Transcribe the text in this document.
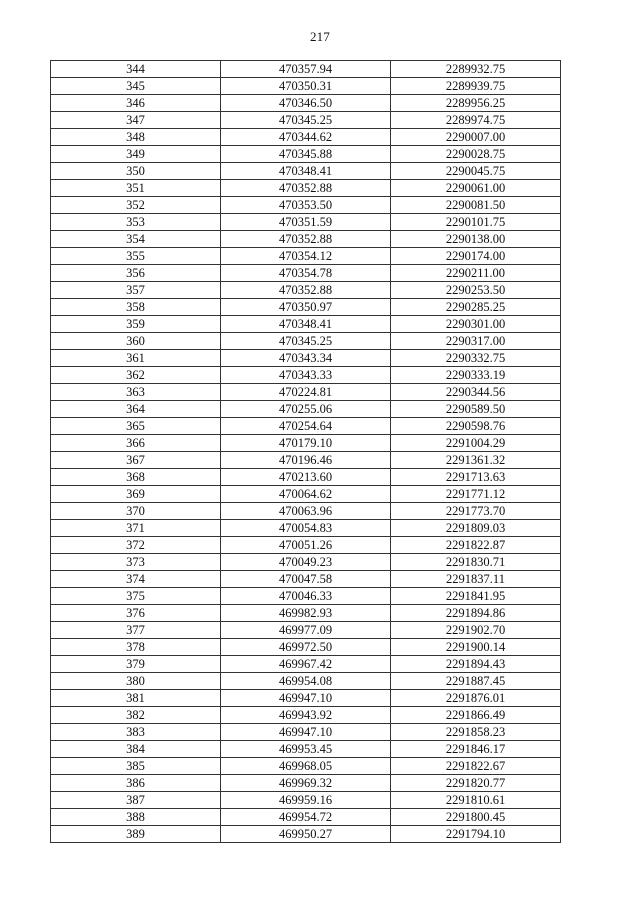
217
344	470357.94	2289932.75
345	470350.31	2289939.75
346	470346.50	2289956.25
347	470345.25	2289974.75
348	470344.62	2290007.00
349	470345.88	2290028.75
350	470348.41	2290045.75
351	470352.88	2290061.00
352	470353.50	2290081.50
353	470351.59	2290101.75
354	470352.88	2290138.00
355	470354.12	2290174.00
356	470354.78	2290211.00
357	470352.88	2290253.50
358	470350.97	2290285.25
359	470348.41	2290301.00
360	470345.25	2290317.00
361	470343.34	2290332.75
362	470343.33	2290333.19
363	470224.81	2290344.56
364	470255.06	2290589.50
365	470254.64	2290598.76
366	470179.10	2291004.29
367	470196.46	2291361.32
368	470213.60	2291713.63
369	470064.62	2291771.12
370	470063.96	2291773.70
371	470054.83	2291809.03
372	470051.26	2291822.87
373	470049.23	2291830.71
374	470047.58	2291837.11
375	470046.33	2291841.95
376	469982.93	2291894.86
377	469977.09	2291902.70
378	469972.50	2291900.14
379	469967.42	2291894.43
380	469954.08	2291887.45
381	469947.10	2291876.01
382	469943.92	2291866.49
383	469947.10	2291858.23
384	469953.45	2291846.17
385	469968.05	2291822.67
386	469969.32	2291820.77
387	469959.16	2291810.61
388	469954.72	2291800.45
389	469950.27	2291794.10
